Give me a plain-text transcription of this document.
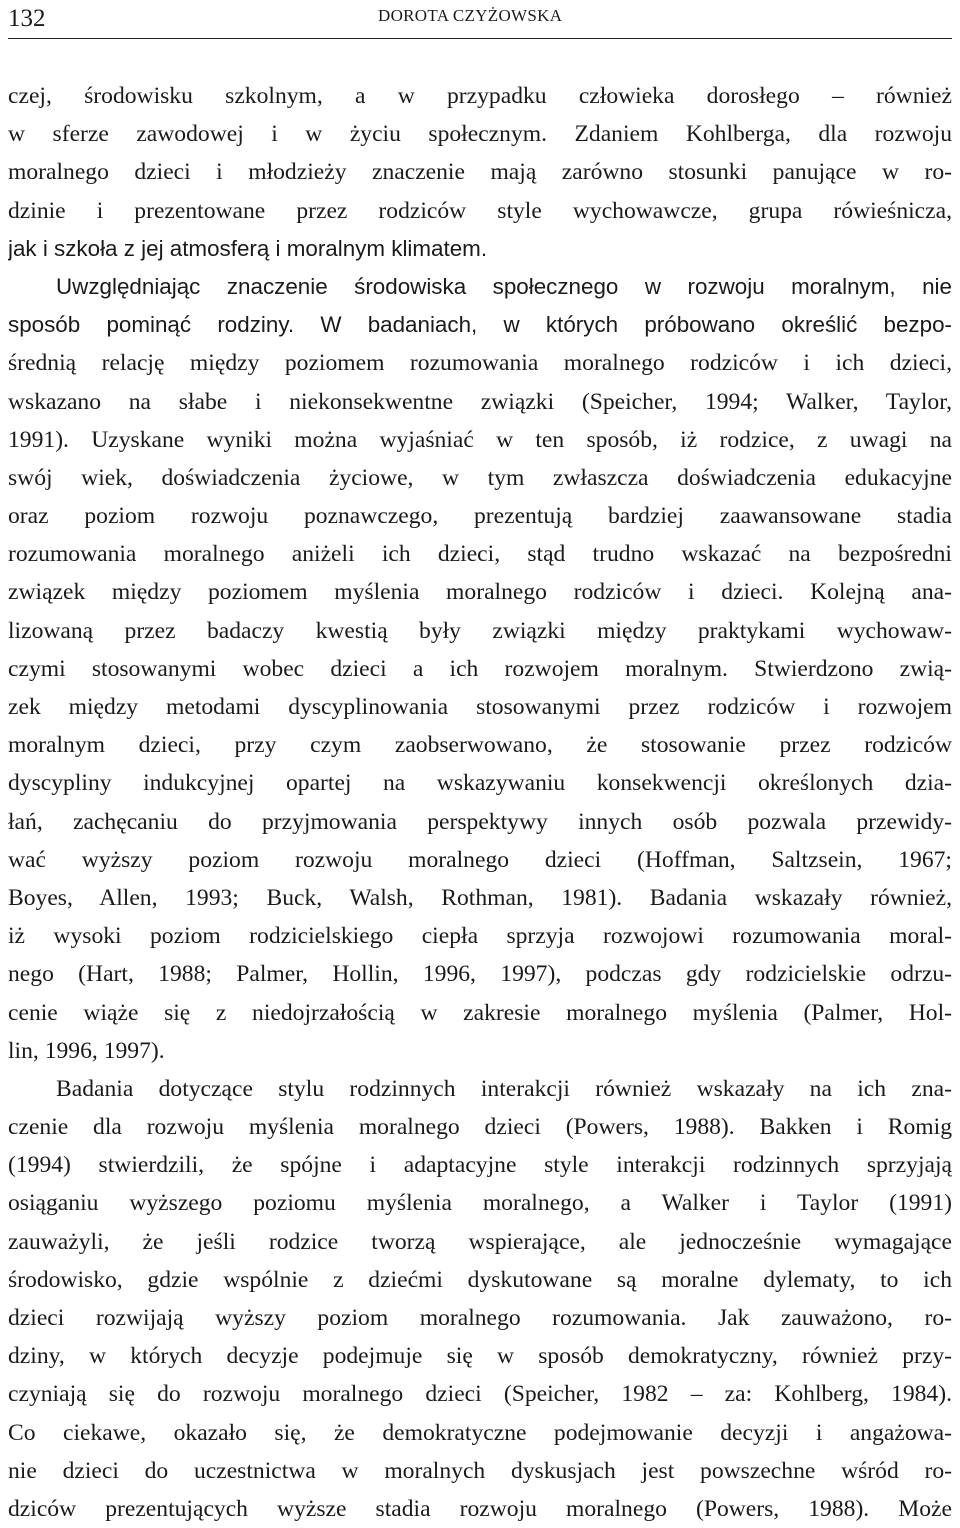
132	DOROTA CZYŻOWSKA
czej, środowisku szkolnym, a w przypadku człowieka dorosłego – również
w sferze zawodowej i w życiu społecznym. Zdaniem Kohlberga, dla rozwoju
moralnego dzieci i młodzieży znaczenie mają zarówno stosunki panujące w ro-
dzinie i prezentowane przez rodziców style wychowawcze, grupa rówieśnicza,
jak i szkoła z jej atmosferą i moralnym klimatem.
Uwzględniając znaczenie środowiska społecznego w rozwoju moralnym, nie
sposób pominąć rodziny. W badaniach, w których próbowano określić bezpo-
średnią relację między poziomem rozumowania moralnego rodziców i ich dzieci,
wskazano na słabe i niekonsekwentne związki (Speicher, 1994; Walker, Taylor,
1991). Uzyskane wyniki można wyjaśniać w ten sposób, iż rodzice, z uwagi na
swój wiek, doświadczenia życiowe, w tym zwłaszcza doświadczenia edukacyjne
oraz poziom rozwoju poznawczego, prezentują bardziej zaawansowane stadia
rozumowania moralnego aniżeli ich dzieci, stąd trudno wskazać na bezpośredni
związek między poziomem myślenia moralnego rodziców i dzieci. Kolejną ana-
lizowaną przez badaczy kwestią były związki między praktykami wychowaw-
czymi stosowanymi wobec dzieci a ich rozwojem moralnym. Stwierdzono zwią-
zek między metodami dyscyplinowania stosowanymi przez rodziców i rozwojem
moralnym dzieci, przy czym zaobserwowano, że stosowanie przez rodziców
dyscypliny indukcyjnej opartej na wskazywaniu konsekwencji określonych dzia-
łań, zachęcaniu do przyjmowania perspektywy innych osób pozwala przewidy-
wać wyższy poziom rozwoju moralnego dzieci (Hoffman, Saltzsein, 1967;
Boyes, Allen, 1993; Buck, Walsh, Rothman, 1981). Badania wskazały również,
iż wysoki poziom rodzicielskiego ciepła sprzyja rozwojowi rozumowania moral-
nego (Hart, 1988; Palmer, Hollin, 1996, 1997), podczas gdy rodzicielskie odrzu-
cenie wiąże się z niedojrzałością w zakresie moralnego myślenia (Palmer, Hol-
lin, 1996, 1997).
Badania dotyczące stylu rodzinnych interakcji również wskazały na ich zna-
czenie dla rozwoju myślenia moralnego dzieci (Powers, 1988). Bakken i Romig
(1994) stwierdzili, że spójne i adaptacyjne style interakcji rodzinnych sprzyjają
osiąganiu wyższego poziomu myślenia moralnego, a Walker i Taylor (1991)
zauważyli, że jeśli rodzice tworzą wspierające, ale jednocześnie wymagające
środowisko, gdzie wspólnie z dziećmi dyskutowane są moralne dylematy, to ich
dzieci rozwijają wyższy poziom moralnego rozumowania. Jak zauważono, ro-
dziny, w których decyzje podejmuje się w sposób demokratyczny, również przy-
czyniają się do rozwoju moralnego dzieci (Speicher, 1982 – za: Kohlberg, 1984).
Co ciekawe, okazało się, że demokratyczne podejmowanie decyzji i angażowa-
nie dzieci do uczestnictwa w moralnych dyskusjach jest powszechne wśród ro-
dziców prezentujących wyższe stadia rozwoju moralnego (Powers, 1988). Może
